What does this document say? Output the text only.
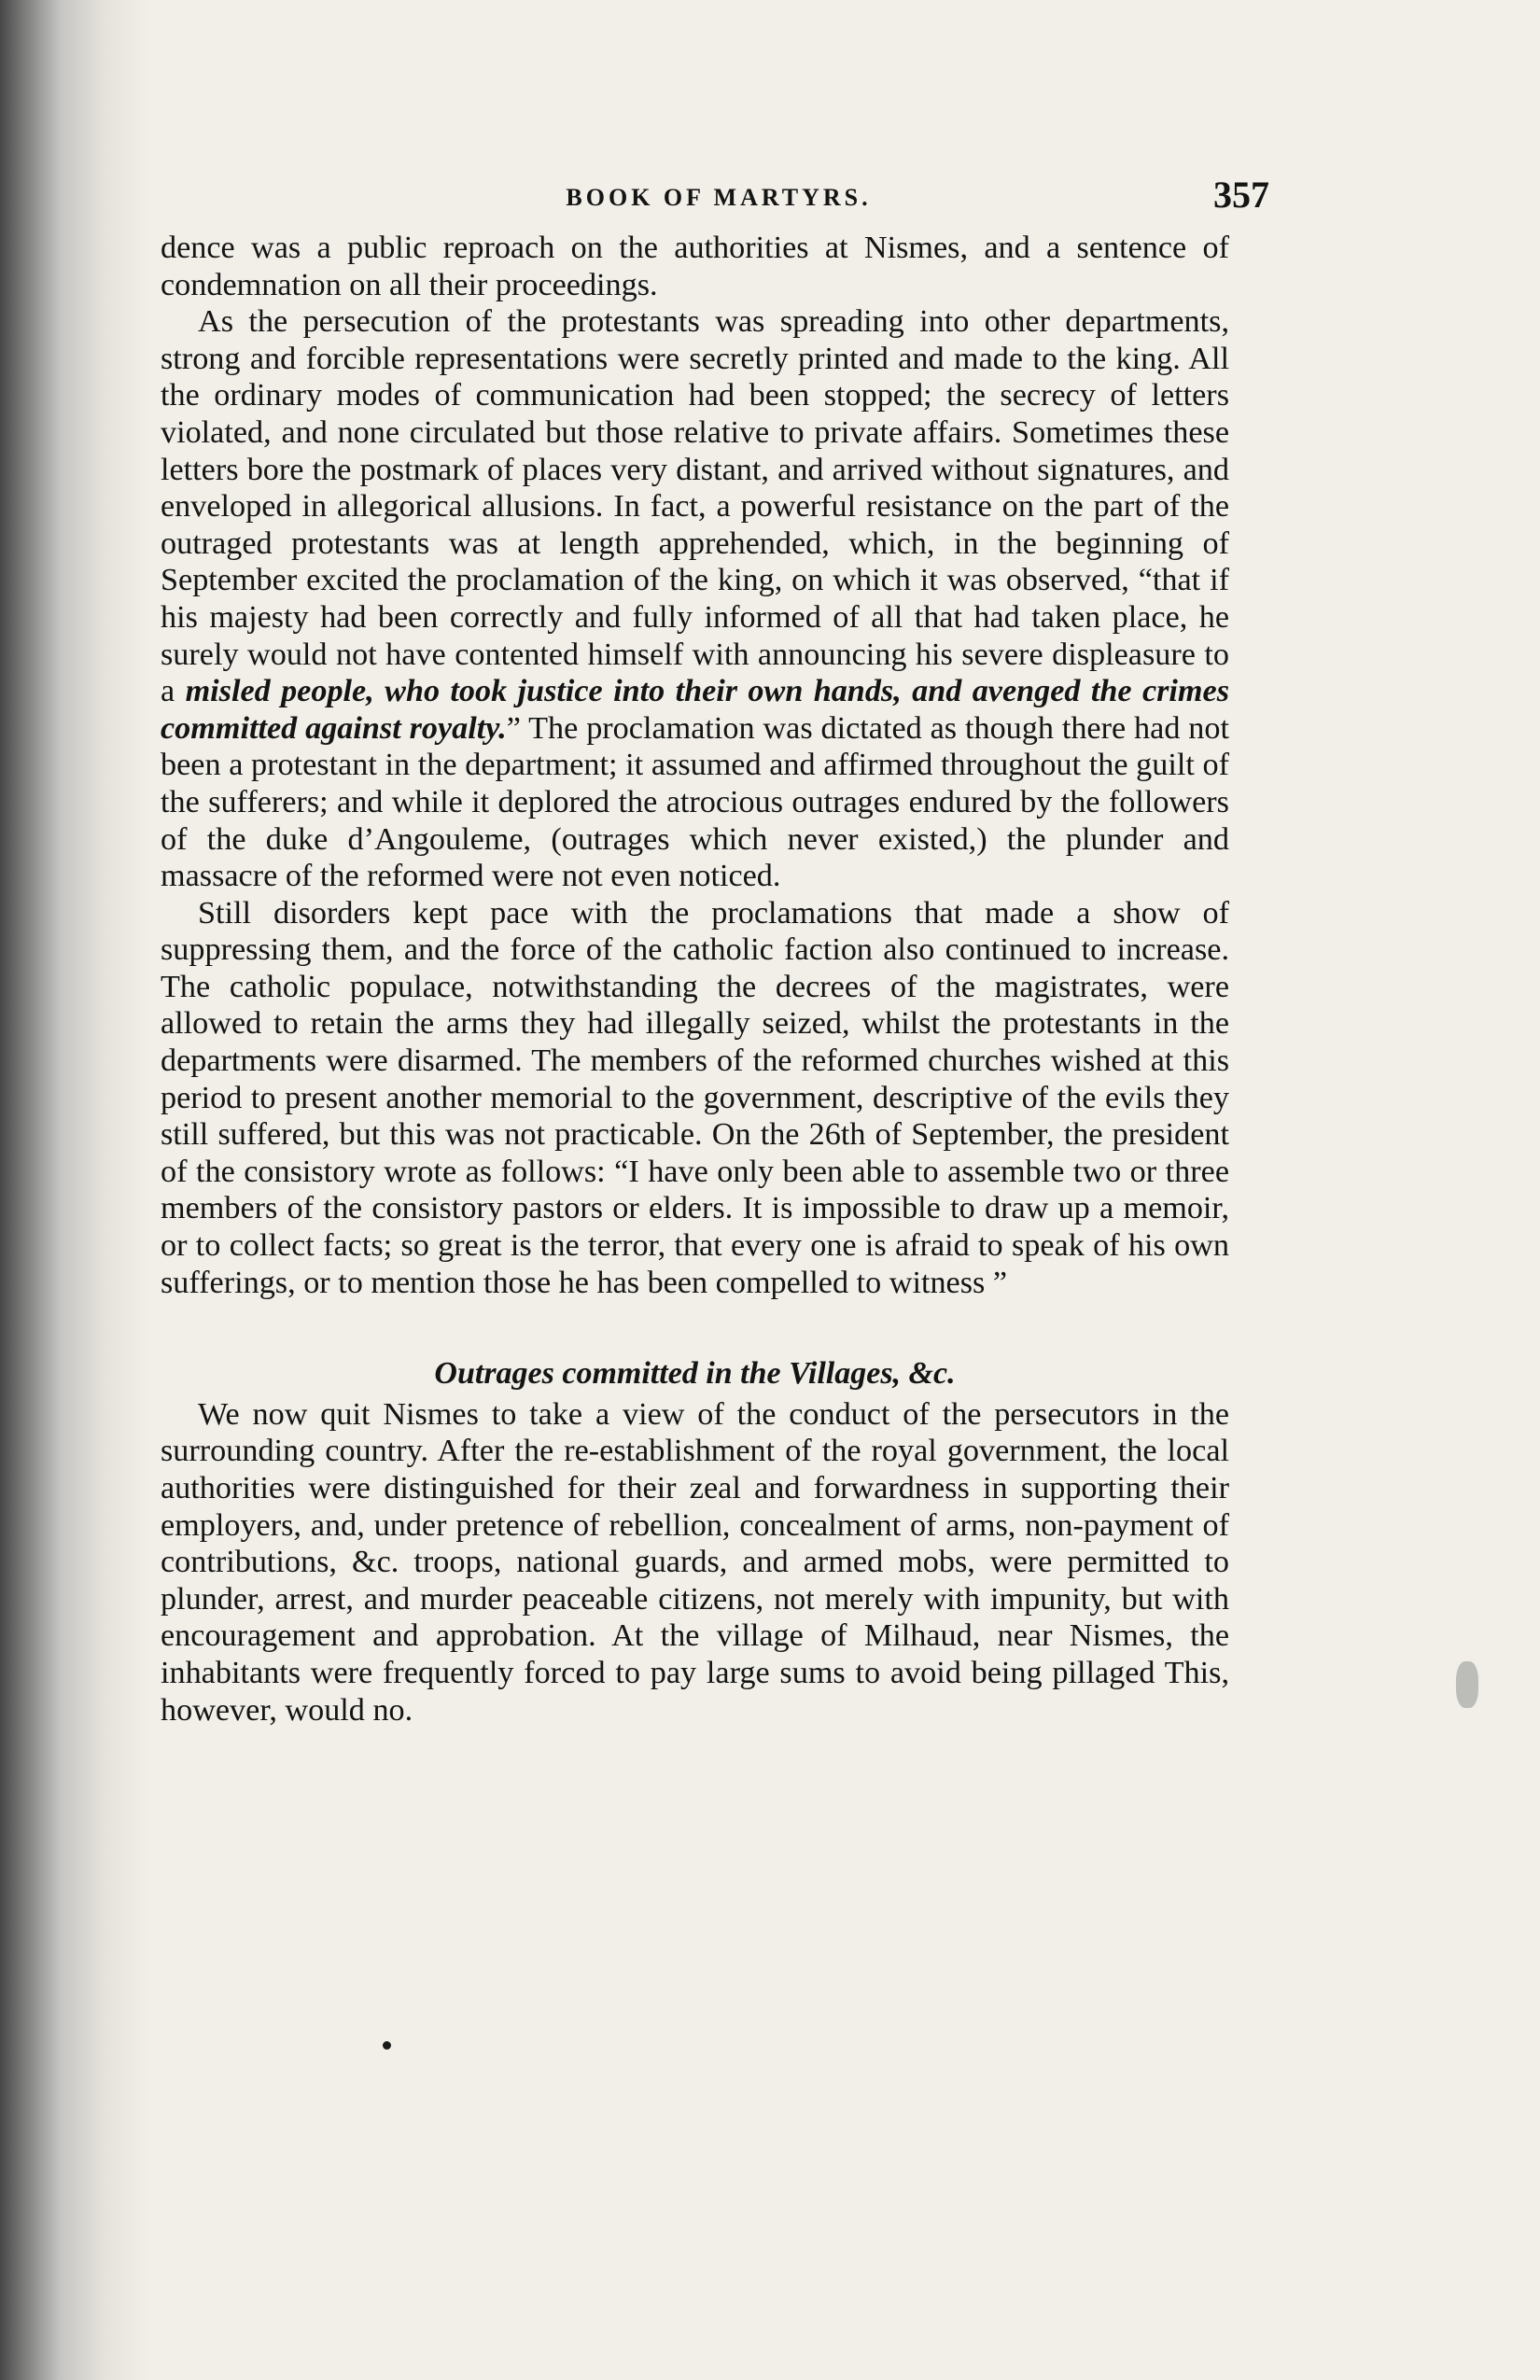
BOOK OF MARTYRS.	357

dence was a public reproach on the authorities at Nismes, and a sentence of condemnation on all their proceedings.

As the persecution of the protestants was spreading into other departments, strong and forcible representations were secretly printed and made to the king. All the ordinary modes of communication had been stopped; the secrecy of letters violated, and none circulated but those relative to private affairs. Sometimes these letters bore the postmark of places very distant, and arrived without signatures, and enveloped in allegorical allusions. In fact, a powerful resistance on the part of the outraged protestants was at length apprehended, which, in the beginning of September excited the proclamation of the king, on which it was observed, “that if his majesty had been correctly and fully informed of all that had taken place, he surely would not have contented himself with announcing his severe displeasure to a misled people, who took justice into their own hands, and avenged the crimes committed against royalty.” The proclamation was dictated as though there had not been a protestant in the department; it assumed and affirmed throughout the guilt of the sufferers; and while it deplored the atrocious outrages endured by the followers of the duke d’Angouleme, (outrages which never existed,) the plunder and massacre of the reformed were not even noticed.

Still disorders kept pace with the proclamations that made a show of suppressing them, and the force of the catholic faction also continued to increase. The catholic populace, notwithstanding the decrees of the magistrates, were allowed to retain the arms they had illegally seized, whilst the protestants in the departments were disarmed. The members of the reformed churches wished at this period to present another memorial to the government, descriptive of the evils they still suffered, but this was not practicable. On the 26th of September, the president of the consistory wrote as follows: “I have only been able to assemble two or three members of the consistory pastors or elders. It is impossible to draw up a memoir, or to collect facts; so great is the terror, that every one is afraid to speak of his own sufferings, or to mention those he has been compelled to witness ”

Outrages committed in the Villages, &c.

We now quit Nismes to take a view of the conduct of the persecutors in the surrounding country. After the re-establishment of the royal government, the local authorities were distinguished for their zeal and forwardness in supporting their employers, and, under pretence of rebellion, concealment of arms, non-payment of contributions, &c. troops, national guards, and armed mobs, were permitted to plunder, arrest, and murder peaceable citizens, not merely with impunity, but with encouragement and approbation. At the village of Milhaud, near Nismes, the inhabitants were frequently forced to pay large sums to avoid being pillaged This, however, would no.
